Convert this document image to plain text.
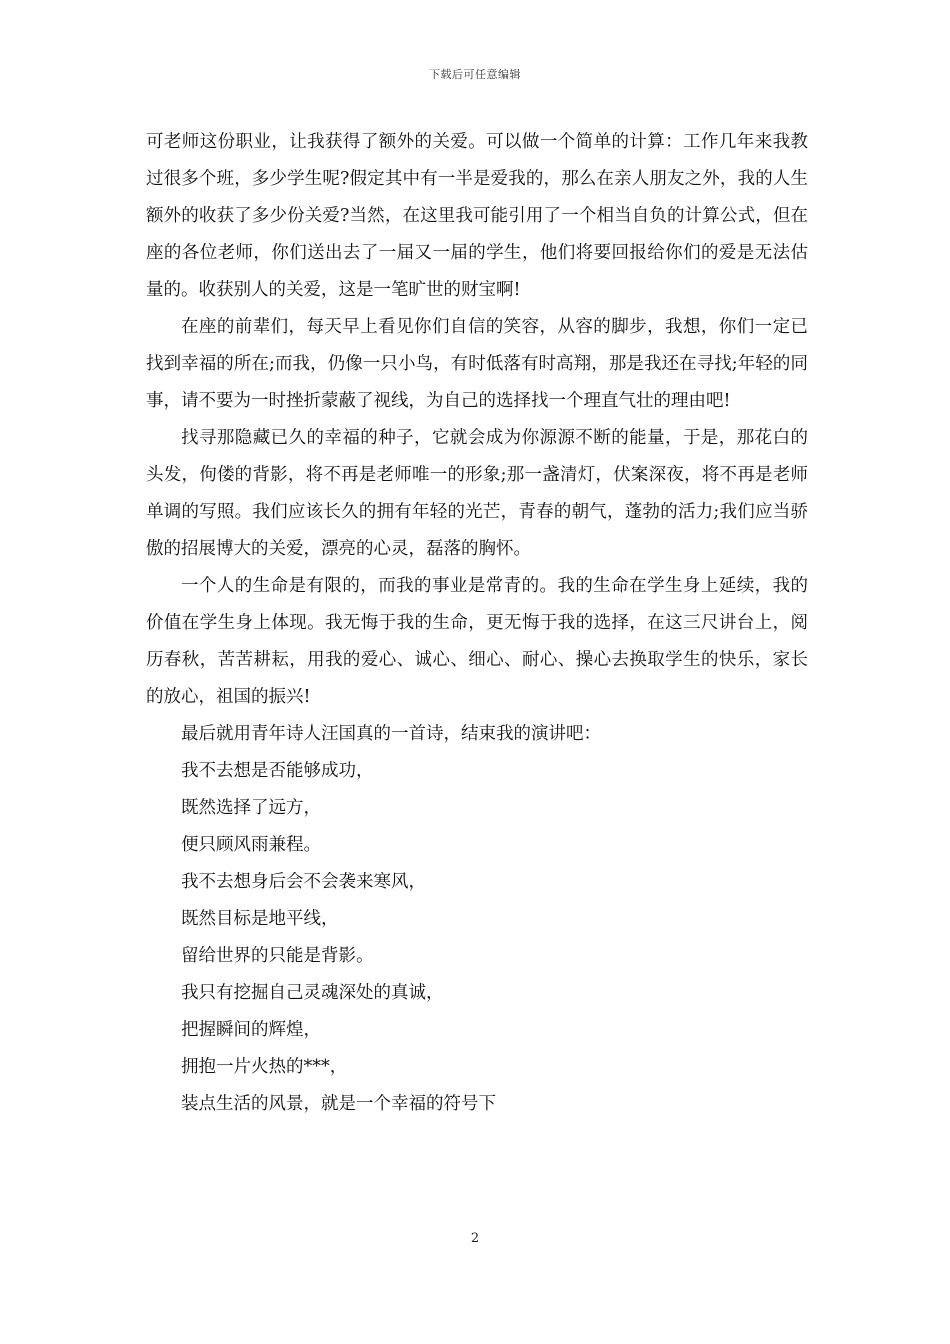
下载后可任意编辑

可老师这份职业，让我获得了额外的关爱。可以做一个简单的计算：工作几年来我教过很多个班，多少学生呢?假定其中有一半是爱我的，那么在亲人朋友之外，我的人生额外的收获了多少份关爱?当然，在这里我可能引用了一个相当自负的计算公式，但在座的各位老师，你们送出去了一届又一届的学生，他们将要回报给你们的爱是无法估量的。收获别人的关爱，这是一笔旷世的财宝啊!

在座的前辈们，每天早上看见你们自信的笑容，从容的脚步，我想，你们一定已找到幸福的所在;而我，仍像一只小鸟，有时低落有时高翔，那是我还在寻找;年轻的同事，请不要为一时挫折蒙蔽了视线，为自己的选择找一个理直气壮的理由吧!

找寻那隐藏已久的幸福的种子，它就会成为你源源不断的能量，于是，那花白的头发，佝偻的背影，将不再是老师唯一的形象;那一盏清灯，伏案深夜，将不再是老师单调的写照。我们应该长久的拥有年轻的光芒，青春的朝气，蓬勃的活力;我们应当骄傲的招展博大的关爱，漂亮的心灵，磊落的胸怀。

一个人的生命是有限的，而我的事业是常青的。我的生命在学生身上延续，我的价值在学生身上体现。我无悔于我的生命，更无悔于我的选择，在这三尺讲台上，阅历春秋，苦苦耕耘，用我的爱心、诚心、细心、耐心、操心去换取学生的快乐，家长的放心，祖国的振兴!

最后就用青年诗人汪国真的一首诗，结束我的演讲吧：

我不去想是否能够成功，
既然选择了远方，
便只顾风雨兼程。
我不去想身后会不会袭来寒风，
既然目标是地平线，
留给世界的只能是背影。
我只有挖掘自己灵魂深处的真诚，
把握瞬间的辉煌，
拥抱一片火热的***，
装点生活的风景，就是一个幸福的符号下
2
